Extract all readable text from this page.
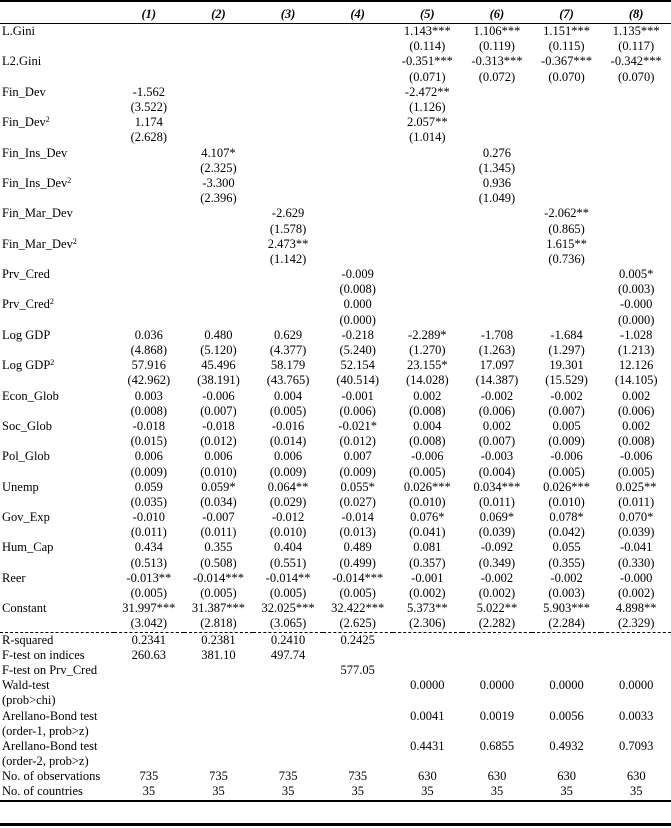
	(1)	(2)	(3)	(4)	(5)	(6)	(7)	(8)
L.Gini					1.143***	1.106***	1.151***	1.135***
					(0.114)	(0.119)	(0.115)	(0.117)
L2.Gini					-0.351***	-0.313***	-0.367***	-0.342***
					(0.071)	(0.072)	(0.070)	(0.070)
Fin_Dev	-1.562				-2.472**			
	(3.522)				(1.126)			
Fin_Dev$^2$	1.174				2.057**			
	(2.628)				(1.014)			
Fin_Ins_Dev		4.107*				0.276		
		(2.325)				(1.345)		
Fin_Ins_Dev$^2$		-3.300				0.936		
		(2.396)				(1.049)		
Fin_Mar_Dev			-2.629				-2.062**	
			(1.578)				(0.865)	
Fin_Mar_Dev$^2$			2.473**				1.615**	
			(1.142)				(0.736)	
Prv_Cred				-0.009				0.005*
				(0.008)				(0.003)
Prv_Cred$^2$				0.000				-0.000
				(0.000)				(0.000)
Log GDP	0.036	0.480	0.629	-0.218	-2.289*	-1.708	-1.684	-1.028
	(4.868)	(5.120)	(4.377)	(5.240)	(1.270)	(1.263)	(1.297)	(1.213)
Log GDP$^2$	57.916	45.496	58.179	52.154	23.155*	17.097	19.301	12.126
	(42.962)	(38.191)	(43.765)	(40.514)	(14.028)	(14.387)	(15.529)	(14.105)
Econ_Glob	0.003	-0.006	0.004	-0.001	0.002	-0.002	-0.002	0.002
	(0.008)	(0.007)	(0.005)	(0.006)	(0.008)	(0.006)	(0.007)	(0.006)
Soc_Glob	-0.018	-0.018	-0.016	-0.021*	0.004	0.002	0.005	0.002
	(0.015)	(0.012)	(0.014)	(0.012)	(0.008)	(0.007)	(0.009)	(0.008)
Pol_Glob	0.006	0.006	0.006	0.007	-0.006	-0.003	-0.006	-0.006
	(0.009)	(0.010)	(0.009)	(0.009)	(0.005)	(0.004)	(0.005)	(0.005)
Unemp	0.059	0.059*	0.064**	0.055*	0.026***	0.034***	0.026***	0.025**
	(0.035)	(0.034)	(0.029)	(0.027)	(0.010)	(0.011)	(0.010)	(0.011)
Gov_Exp	-0.010	-0.007	-0.012	-0.014	0.076*	0.069*	0.078*	0.070*
	(0.011)	(0.011)	(0.010)	(0.013)	(0.041)	(0.039)	(0.042)	(0.039)
Hum_Cap	0.434	0.355	0.404	0.489	0.081	-0.092	0.055	-0.041
	(0.513)	(0.508)	(0.551)	(0.499)	(0.357)	(0.349)	(0.355)	(0.330)
Reer	-0.013**	-0.014***	-0.014**	-0.014***	-0.001	-0.002	-0.002	-0.000
	(0.005)	(0.005)	(0.005)	(0.005)	(0.002)	(0.002)	(0.003)	(0.002)
Constant	31.997***	31.387***	32.025***	32.422***	5.373**	5.022**	5.903***	4.898**
	(3.042)	(2.818)	(3.065)	(2.625)	(2.306)	(2.282)	(2.284)	(2.329)
R-squared	0.2341	0.2381	0.2410	0.2425				
F-test on indices	260.63	381.10	497.74					
F-test on Prv_Cred				577.05				
Wald-test					0.0000	0.0000	0.0000	0.0000
(prob>chi)								
Arellano-Bond test					0.0041	0.0019	0.0056	0.0033
(order-1, prob>z)								
Arellano-Bond test					0.4431	0.6855	0.4932	0.7093
(order-2, prob>z)								
No. of observations	735	735	735	735	630	630	630	630
No. of countries	35	35	35	35	35	35	35	35
